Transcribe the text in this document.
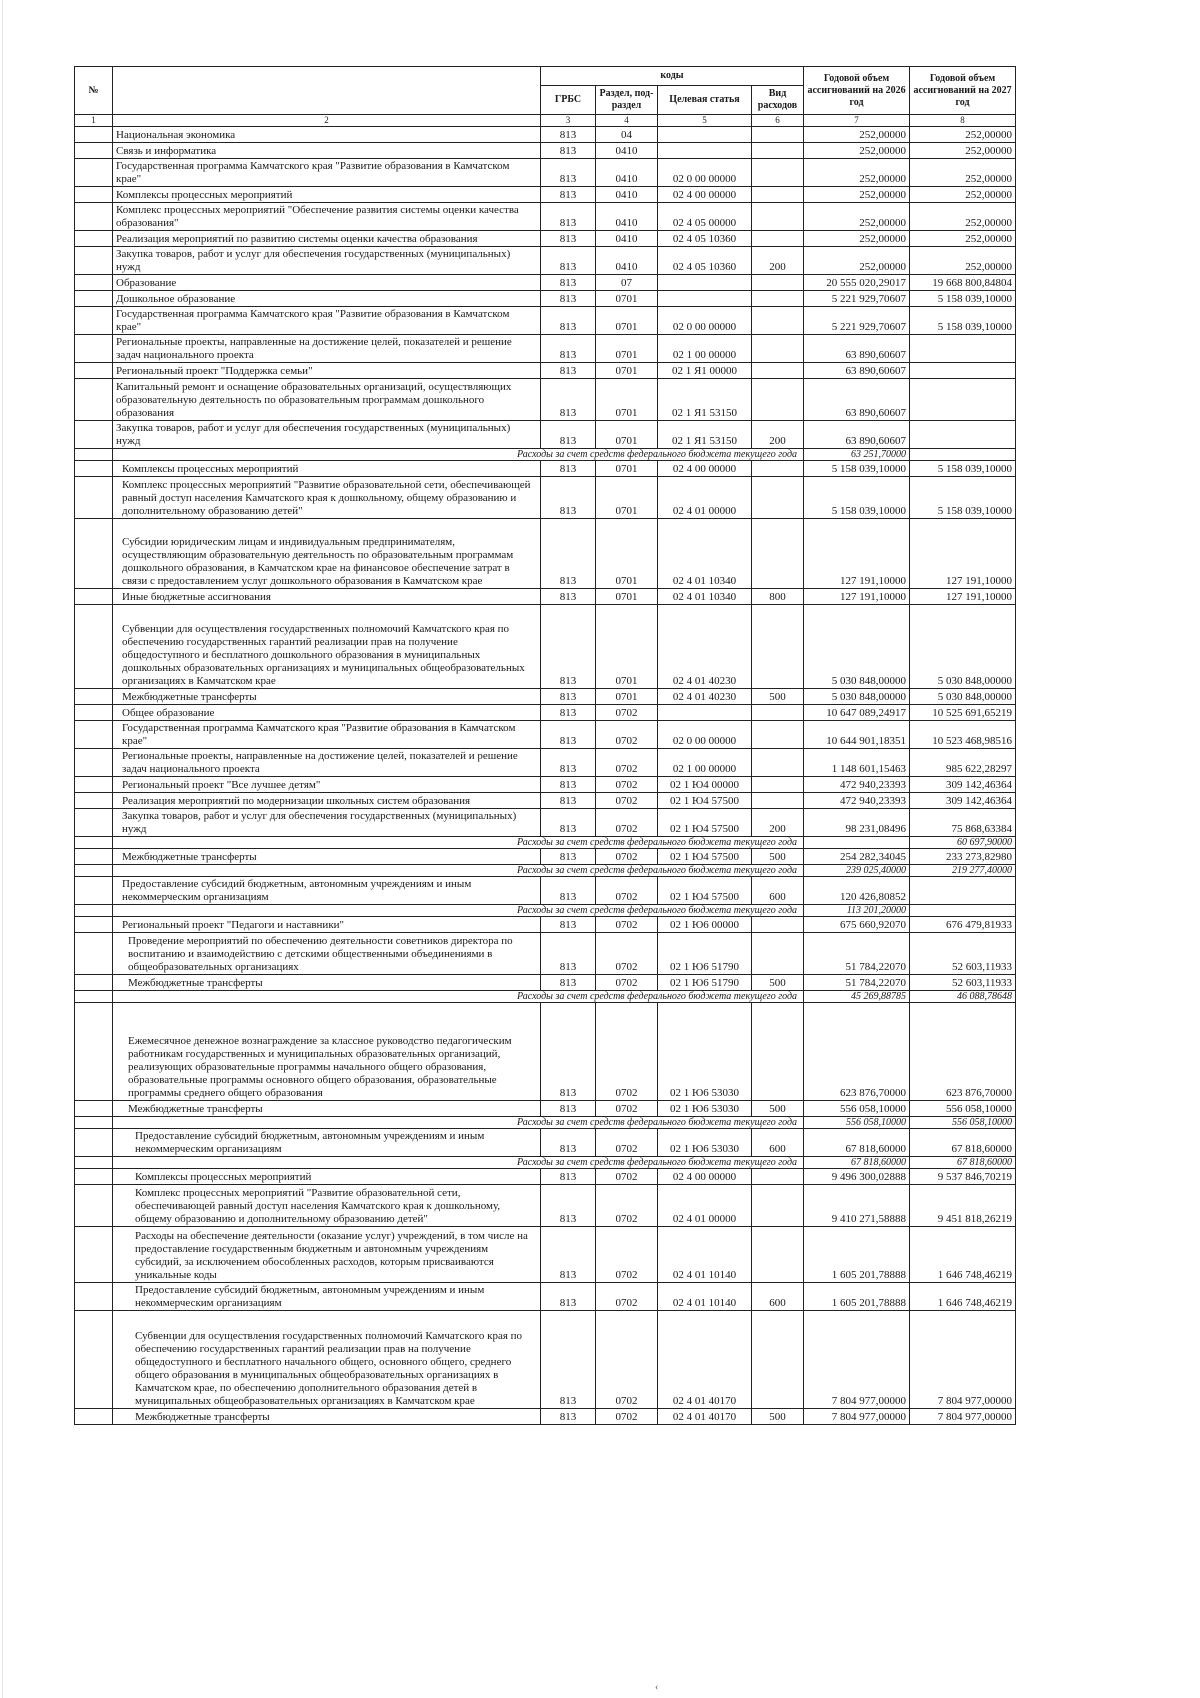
№		коды				Годовой объем ассигнований на 2026 год	Годовой объем ассигнований на 2027 год	
		ГРБС	Раздел, под-раздел	Целевая статья	Вид расходов			
1	2	3	4	5	6	7	8	
	Национальная экономика	813	04			252,00000	252,00000	
	Связь и информатика	813	0410			252,00000	252,00000	
	Государственная программа Камчатского края "Развитие образования в Камчатском крае"	813	0410	02 0 00 00000		252,00000	252,00000	
	Комплексы процессных мероприятий	813	0410	02 4 00 00000		252,00000	252,00000	
	Комплекс процессных мероприятий "Обеспечение развития системы оценки качества образования"	813	0410	02 4 05 00000		252,00000	252,00000	
	Реализация мероприятий по развитию системы оценки качества образования	813	0410	02 4 05 10360		252,00000	252,00000	
	Закупка товаров, работ и услуг для обеспечения государственных (муниципальных) нужд	813	0410	02 4 05 10360	200	252,00000	252,00000	
	Образование	813	07			20 555 020,29017	19 668 800,84804	
	Дошкольное образование	813	0701			5 221 929,70607	5 158 039,10000	
	Государственная программа Камчатского края "Развитие образования в Камчатском крае"	813	0701	02 0 00 00000		5 221 929,70607	5 158 039,10000	
	Региональные проекты, направленные на достижение целей, показателей и решение задач национального проекта	813	0701	02 1 00 00000		63 890,60607		
	Региональный проект "Поддержка семьи"	813	0701	02 1 Я1 00000		63 890,60607		
	Капитальный ремонт и оснащение образовательных организаций, осуществляющих образовательную деятельность по образовательным программам дошкольного образования	813	0701	02 1 Я1 53150		63 890,60607		
	Закупка товаров, работ и услуг для обеспечения государственных (муниципальных) нужд	813	0701	02 1 Я1 53150	200	63 890,60607		
	Расходы за счет средств федерального бюджета текущего года					63 251,70000		
	Комплексы процессных мероприятий	813	0701	02 4 00 00000		5 158 039,10000	5 158 039,10000	
	Комплекс процессных мероприятий "Развитие образовательной сети, обеспечивающей равный доступ населения Камчатского края к дошкольному, общему образованию и дополнительному образованию детей"	813	0701	02 4 01 00000		5 158 039,10000	5 158 039,10000	
	Субсидии юридическим лицам и индивидуальным предпринимателям, осуществляющим образовательную деятельность по образовательным программам дошкольного образования, в Камчатском крае на финансовое обеспечение затрат в связи с предоставлением услуг дошкольного образования в Камчатском крае	813	0701	02 4 01 10340		127 191,10000	127 191,10000	
	Иные бюджетные ассигнования	813	0701	02 4 01 10340	800	127 191,10000	127 191,10000	
	Субвенции для осуществления государственных полномочий Камчатского края по обеспечению государственных гарантий реализации прав на получение общедоступного и бесплатного дошкольного образования в муниципальных дошкольных образовательных организациях и муниципальных общеобразовательных организациях в Камчатском крае	813	0701	02 4 01 40230		5 030 848,00000	5 030 848,00000	
	Межбюджетные трансферты	813	0701	02 4 01 40230	500	5 030 848,00000	5 030 848,00000	
	Общее образование	813	0702			10 647 089,24917	10 525 691,65219	
	Государственная программа Камчатского края "Развитие образования в Камчатском крае"	813	0702	02 0 00 00000		10 644 901,18351	10 523 468,98516	
	Региональные проекты, направленные на достижение целей, показателей и решение задач национального проекта	813	0702	02 1 00 00000		1 148 601,15463	985 622,28297	
	Региональный проект "Все лучшее детям"	813	0702	02 1 Ю4 00000		472 940,23393	309 142,46364	
	Реализация мероприятий по модернизации школьных систем образования	813	0702	02 1 Ю4 57500		472 940,23393	309 142,46364	
	Закупка товаров, работ и услуг для обеспечения государственных (муниципальных) нужд	813	0702	02 1 Ю4 57500	200	98 231,08496	75 868,63384	
	Расходы за счет средств федерального бюджета текущего года						60 697,90000	
	Межбюджетные трансферты	813	0702	02 1 Ю4 57500	500	254 282,34045	233 273,82980	
	Расходы за счет средств федерального бюджета текущего года					239 025,40000	219 277,40000	
	Предоставление субсидий бюджетным, автономным учреждениям и иным некоммерческим организациям	813	0702	02 1 Ю4 57500	600	120 426,80852		
	Расходы за счет средств федерального бюджета текущего года					113 201,20000		
	Региональный проект "Педагоги и наставники"	813	0702	02 1 Ю6 00000		675 660,92070	676 479,81933	
	Проведение мероприятий по обеспечению деятельности советников директора по воспитанию и взаимодействию с детскими общественными объединениями в общеобразовательных организациях	813	0702	02 1 Ю6 51790		51 784,22070	52 603,11933	
	Межбюджетные трансферты	813	0702	02 1 Ю6 51790	500	51 784,22070	52 603,11933	
	Расходы за счет средств федерального бюджета текущего года					45 269,88785	46 088,78648	
	Ежемесячное денежное вознаграждение за классное руководство педагогическим работникам государственных и муниципальных образовательных организаций, реализующих образовательные программы начального общего образования, образовательные программы основного общего образования, образовательные программы среднего общего образования	813	0702	02 1 Ю6 53030		623 876,70000	623 876,70000	
	Межбюджетные трансферты	813	0702	02 1 Ю6 53030	500	556 058,10000	556 058,10000	
	Расходы за счет средств федерального бюджета текущего года					556 058,10000	556 058,10000	
	Предоставление субсидий бюджетным, автономным учреждениям и иным некоммерческим организациям	813	0702	02 1 Ю6 53030	600	67 818,60000	67 818,60000	
	Расходы за счет средств федерального бюджета текущего года					67 818,60000	67 818,60000	
	Комплексы процессных мероприятий	813	0702	02 4 00 00000		9 496 300,02888	9 537 846,70219	
	Комплекс процессных мероприятий "Развитие образовательной сети, обеспечивающей равный доступ населения Камчатского края к дошкольному, общему образованию и дополнительному образованию детей"	813	0702	02 4 01 00000		9 410 271,58888	9 451 818,26219	
	Расходы на обеспечение деятельности (оказание услуг) учреждений, в том числе на предоставление государственным бюджетным и автономным учреждениям субсидий, за исключением обособленных расходов, которым присваиваются уникальные коды	813	0702	02 4 01 10140		1 605 201,78888	1 646 748,46219	
	Предоставление субсидий бюджетным, автономным учреждениям и иным некоммерческим организациям	813	0702	02 4 01 10140	600	1 605 201,78888	1 646 748,46219	
	Субвенции для осуществления государственных полномочий Камчатского края по обеспечению государственных гарантий реализации прав на получение общедоступного и бесплатного начального общего, основного общего, среднего общего образования в муниципальных общеобразовательных организациях в Камчатском крае, по обеспечению дополнительного образования детей в муниципальных общеобразовательных организациях в Камчатском крае	813	0702	02 4 01 40170		7 804 977,00000	7 804 977,00000	
	Межбюджетные трансферты	813	0702	02 4 01 40170	500	7 804 977,00000	7 804 977,00000	
‹
